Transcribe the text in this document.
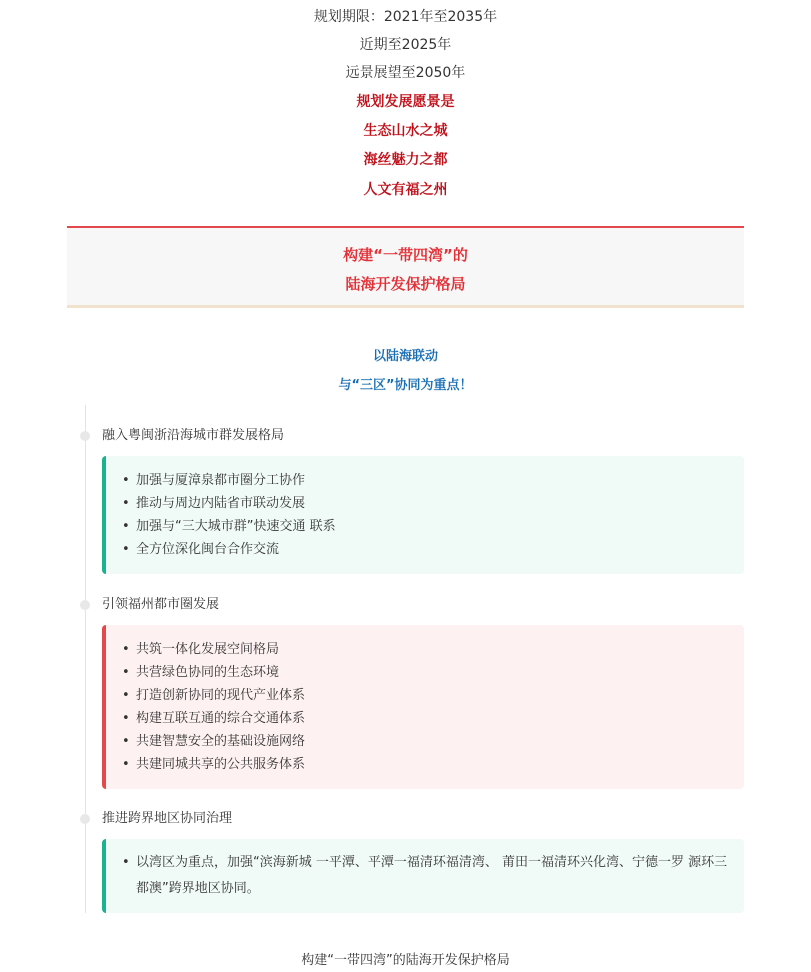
规划期限：2021年至2035年
近期至2025年
远景展望至2050年
规划发展愿景是
生态山水之城
海丝魅力之都
人文有福之州
构建“一带四湾”的
陆海开发保护格局
以陆海联动
与“三区”协同为重点！
融入粤闽浙沿海城市群发展格局
• 加强与厦漳泉都市圈分工协作
• 推动与周边内陆省市联动发展
• 加强与“三大城市群”快速交通 联系
• 全方位深化闽台合作交流
引领福州都市圈发展
• 共筑一体化发展空间格局
• 共营绿色协同的生态环境
• 打造创新协同的现代产业体系
• 构建互联互通的综合交通体系
• 共建智慧安全的基础设施网络
• 共建同城共享的公共服务体系
推进跨界地区协同治理
• 以湾区为重点，加强“滨海新城 一平潭、平潭一福清环福清湾、 莆田一福清环兴化湾、宁德一罗 源环三都澳”跨界地区协同。
构建“一带四湾”的陆海开发保护格局
